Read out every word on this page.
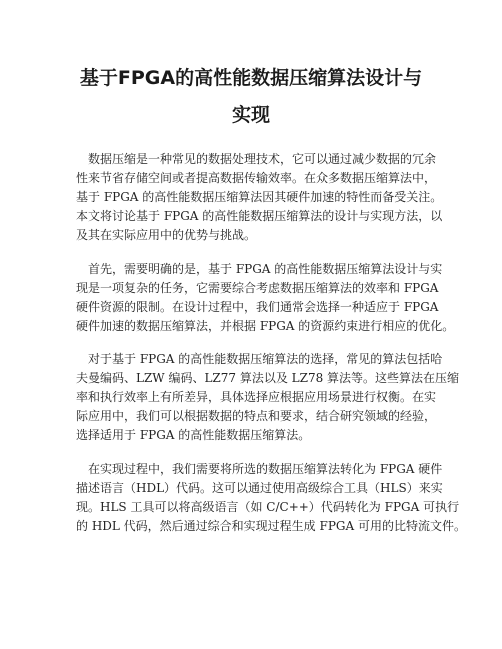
基于FPGA的高性能数据压缩算法设计与
实现
数据压缩是一种常见的数据处理技术，它可以通过减少数据的冗余
性来节省存储空间或者提高数据传输效率。在众多数据压缩算法中，
基于 FPGA 的高性能数据压缩算法因其硬件加速的特性而备受关注。
本文将讨论基于 FPGA 的高性能数据压缩算法的设计与实现方法，以
及其在实际应用中的优势与挑战。
首先，需要明确的是，基于 FPGA 的高性能数据压缩算法设计与实
现是一项复杂的任务，它需要综合考虑数据压缩算法的效率和 FPGA
硬件资源的限制。在设计过程中，我们通常会选择一种适应于 FPGA
硬件加速的数据压缩算法，并根据 FPGA 的资源约束进行相应的优化。
对于基于 FPGA 的高性能数据压缩算法的选择，常见的算法包括哈
夫曼编码、LZW 编码、LZ77 算法以及 LZ78 算法等。这些算法在压缩
率和执行效率上有所差异，具体选择应根据应用场景进行权衡。在实
际应用中，我们可以根据数据的特点和要求，结合研究领域的经验，
选择适用于 FPGA 的高性能数据压缩算法。
在实现过程中，我们需要将所选的数据压缩算法转化为 FPGA 硬件
描述语言（HDL）代码。这可以通过使用高级综合工具（HLS）来实
现。HLS 工具可以将高级语言（如 C/C++）代码转化为 FPGA 可执行
的 HDL 代码，然后通过综合和实现过程生成 FPGA 可用的比特流文件。
